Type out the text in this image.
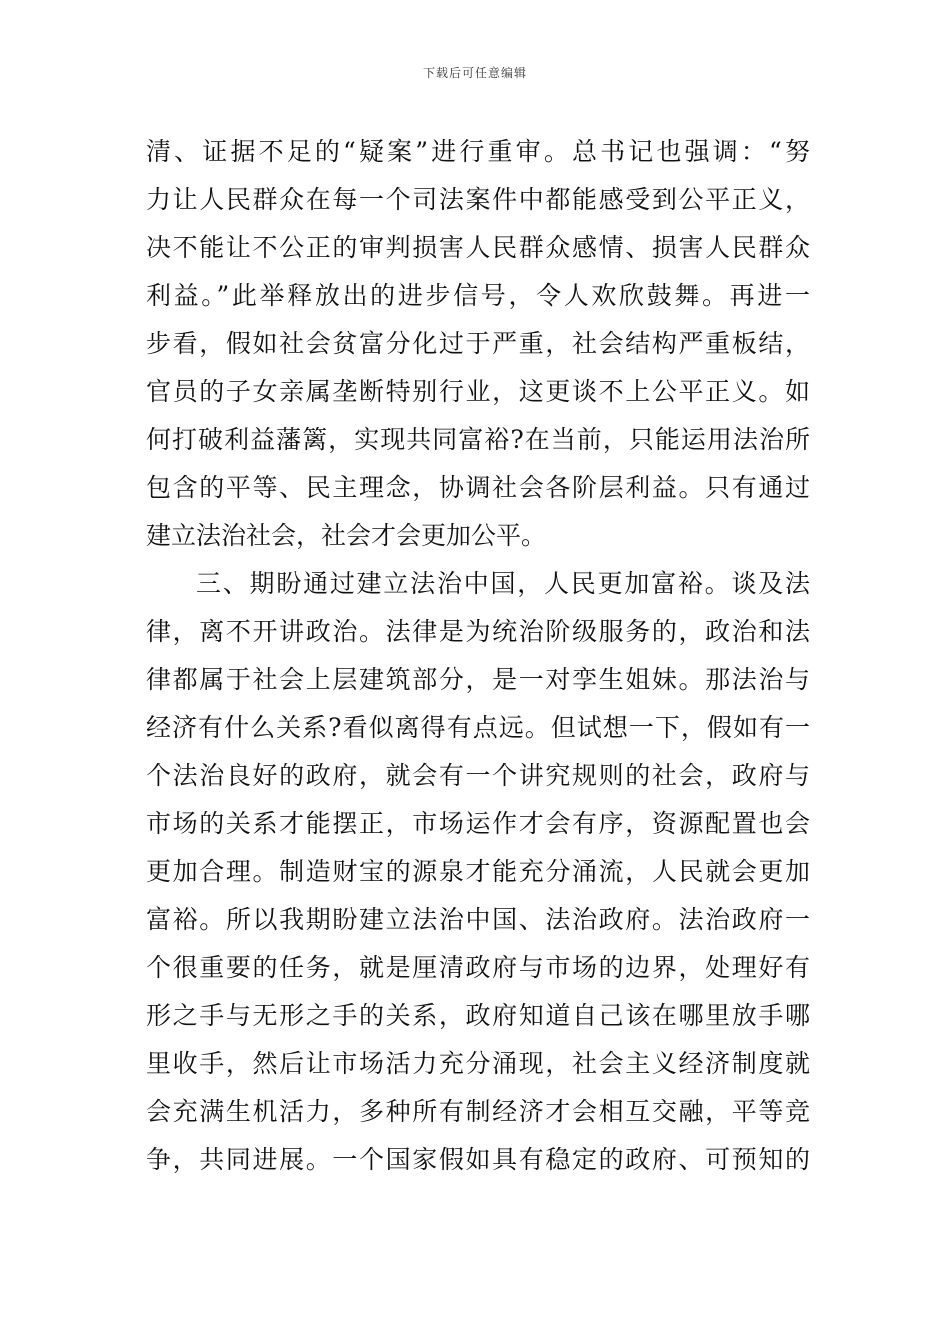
下载后可任意编辑
清、证据不足的“疑案”进行重审。总书记也强调：“努
力让人民群众在每一个司法案件中都能感受到公平正义，
决不能让不公正的审判损害人民群众感情、损害人民群众
利益。”此举释放出的进步信号，令人欢欣鼓舞。再进一
步看，假如社会贫富分化过于严重，社会结构严重板结，
官员的子女亲属垄断特别行业，这更谈不上公平正义。如
何打破利益藩篱，实现共同富裕?在当前，只能运用法治所
包含的平等、民主理念，协调社会各阶层利益。只有通过
建立法治社会，社会才会更加公平。
三、期盼通过建立法治中国，人民更加富裕。谈及法
律，离不开讲政治。法律是为统治阶级服务的，政治和法
律都属于社会上层建筑部分，是一对孪生姐妹。那法治与
经济有什么关系?看似离得有点远。但试想一下，假如有一
个法治良好的政府，就会有一个讲究规则的社会，政府与
市场的关系才能摆正，市场运作才会有序，资源配置也会
更加合理。制造财宝的源泉才能充分涌流，人民就会更加
富裕。所以我期盼建立法治中国、法治政府。法治政府一
个很重要的任务，就是厘清政府与市场的边界，处理好有
形之手与无形之手的关系，政府知道自己该在哪里放手哪
里收手，然后让市场活力充分涌现，社会主义经济制度就
会充满生机活力，多种所有制经济才会相互交融，平等竞
争，共同进展。一个国家假如具有稳定的政府、可预知的
